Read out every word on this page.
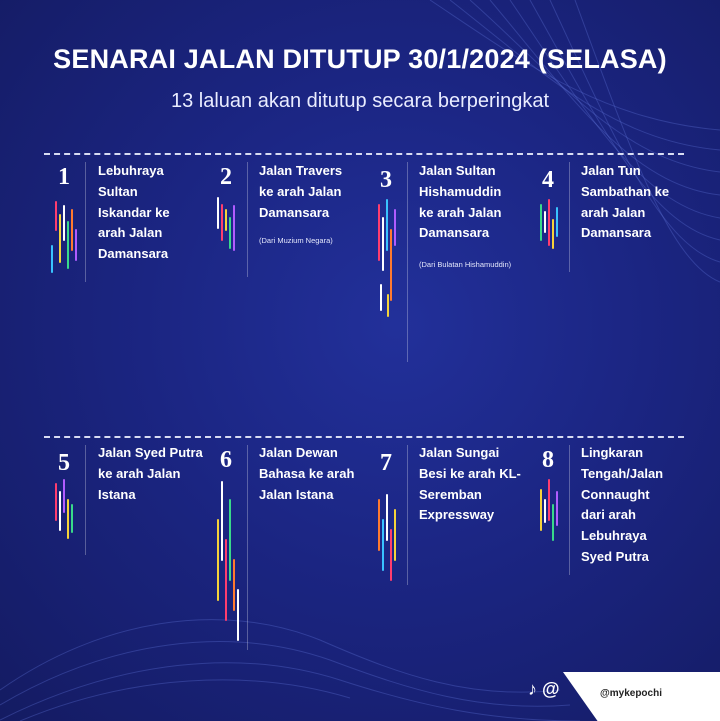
SENARAI JALAN DITUTUP 30/1/2024 (SELASA)
13 laluan akan ditutup secara berperingkat
1	Lebuhraya
Sultan
Iskandar ke
arah Jalan
Damansara
2	Jalan Travers
ke arah Jalan
Damansara
(Dari Muzium Negara)
3	Jalan Sultan
Hishamuddin
ke arah Jalan
Damansara
(Dari Bulatan Hishamuddin)
4	Jalan Tun
Sambathan ke
arah Jalan
Damansara
5	Jalan Syed Putra
ke arah Jalan
Istana
6	Jalan Dewan
Bahasa ke arah
Jalan Istana
7	Jalan Sungai
Besi ke arah KL-
Seremban
Expressway
8	Lingkaran
Tengah/Jalan
Connaught
dari arah
Lebuhraya
Syed Putra
♪ @	@mykepochi
